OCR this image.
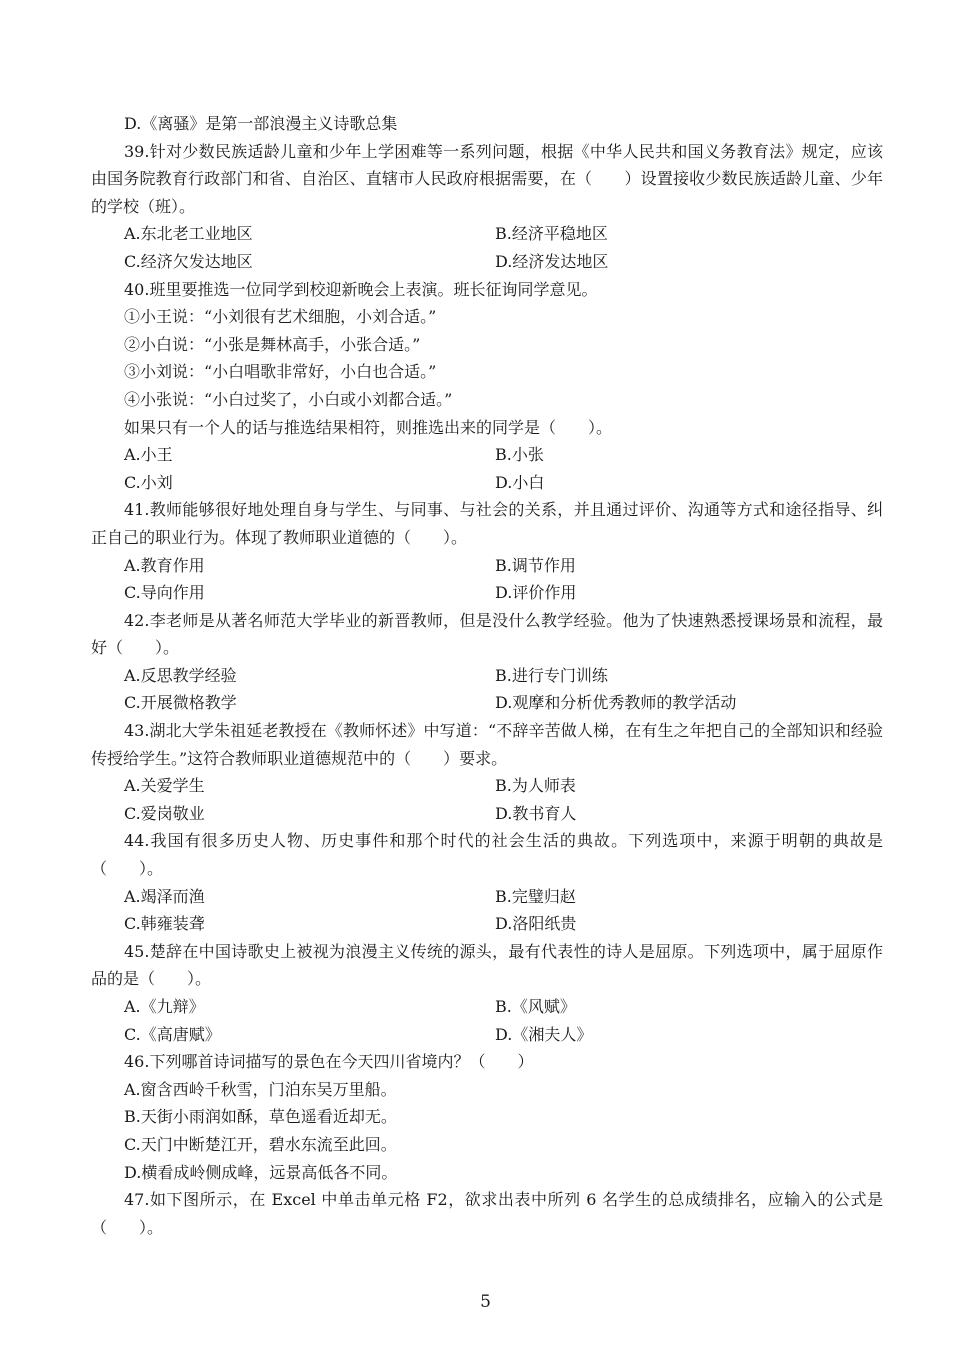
D.《离骚》是第一部浪漫主义诗歌总集
39.针对少数民族适龄儿童和少年上学困难等一系列问题，根据《中华人民共和国义务教育法》规定，应该由国务院教育行政部门和省、自治区、直辖市人民政府根据需要，在（　　）设置接收少数民族适龄儿童、少年的学校（班）。
A.东北老工业地区	B.经济平稳地区
C.经济欠发达地区	D.经济发达地区
40.班里要推选一位同学到校迎新晚会上表演。班长征询同学意见。
①小王说：“小刘很有艺术细胞，小刘合适。”
②小白说：“小张是舞林高手，小张合适。”
③小刘说：“小白唱歌非常好，小白也合适。”
④小张说：“小白过奖了，小白或小刘都合适。”
如果只有一个人的话与推选结果相符，则推选出来的同学是（　　）。
A.小王	B.小张
C.小刘	D.小白
41.教师能够很好地处理自身与学生、与同事、与社会的关系，并且通过评价、沟通等方式和途径指导、纠正自己的职业行为。体现了教师职业道德的（　　）。
A.教育作用	B.调节作用
C.导向作用	D.评价作用
42.李老师是从著名师范大学毕业的新晋教师，但是没什么教学经验。他为了快速熟悉授课场景和流程，最好（　　）。
A.反思教学经验	B.进行专门训练
C.开展微格教学	D.观摩和分析优秀教师的教学活动
43.湖北大学朱祖延老教授在《教师怀述》中写道：“不辞辛苦做人梯，在有生之年把自己的全部知识和经验传授给学生。”这符合教师职业道德规范中的（　　）要求。
A.关爱学生	B.为人师表
C.爱岗敬业	D.教书育人
44.我国有很多历史人物、历史事件和那个时代的社会生活的典故。下列选项中，来源于明朝的典故是（　　）。
A.竭泽而渔	B.完璧归赵
C.韩雍装聋	D.洛阳纸贵
45.楚辞在中国诗歌史上被视为浪漫主义传统的源头，最有代表性的诗人是屈原。下列选项中，属于屈原作品的是（　　）。
A.《九辩》	B.《风赋》
C.《高唐赋》	D.《湘夫人》
46.下列哪首诗词描写的景色在今天四川省境内？（　　）
A.窗含西岭千秋雪，门泊东吴万里船。
B.天街小雨润如酥，草色遥看近却无。
C.天门中断楚江开，碧水东流至此回。
D.横看成岭侧成峰，远景高低各不同。
47.如下图所示，在 Excel 中单击单元格 F2，欲求出表中所列 6 名学生的总成绩排名，应输入的公式是（　　）。
5
